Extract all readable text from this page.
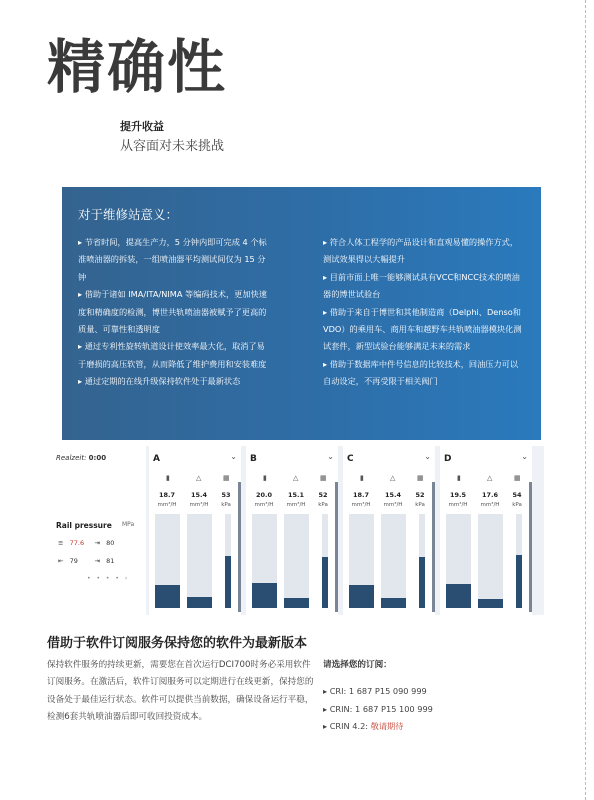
精确性
提升收益
从容面对未来挑战
对于维修站意义：
▸ 节省时间，提高生产力，5 分钟内即可完成 4 个标准喷油器的拆装，一组喷油器平均测试间仅为 15 分钟
▸ 借助于诸如 IMA/ITA/NIMA 等编码技术，更加快速度和精确度的检测，博世共轨喷油器被赋予了更高的质量、可靠性和透明度
▸ 通过专利性旋转轨道设计使效率最大化，取消了易于磨损的高压软管，从而降低了维护费用和安装难度
▸ 通过定期的在线升级保持软件处于最新状态
▸ 符合人体工程学的产品设计和直观易懂的操作方式，测试效果得以大幅提升
▸ 目前市面上唯一能够测试具有VCC和NCC技术的喷油器的博世试验台
▸ 借助于来自于博世和其他制造商（Delphi、Denso和 VDO）的乘用车、商用车和越野车共轨喷油器模块化测试套件，新型试验台能够满足未来的需求
▸ 借助于数据库中件号信息的比较技术，回油压力可以自动设定，不再受限于相关阀门
Realzeit: 0:00
Rail pressure MPa
≡ 77.6 ⇥ 80
⇤ 79	⇥ 81
• • • • ›
A	⌄
▮	△	▦
18.7	15.4	53
mm³/H	mm³/H	kPa
B	⌄
▮	△	▦
20.0	15.1	52
mm³/H	mm³/H	kPa
C	⌄
▮	△	▦
18.7	15.4	52
mm³/H	mm³/H	kPa
D	⌄
▮	△	▦
19.5	17.6	54
mm³/H	mm³/H	kPa
借助于软件订阅服务保持您的软件为最新版本
保持软件服务的持续更新，需要您在首次运行DCI700时务必采用软件订阅服务。在激活后，软件订阅服务可以定期进行在线更新，保持您的设备处于最佳运行状态。软件可以提供当前数据，确保设备运行平稳，检测6套共轨喷油器后即可收回投资成本。
请选择您的订阅：
▸ CRI: 1 687 P15 090 999
▸ CRIN: 1 687 P15 100 999
▸ CRIN 4.2: 敬请期待
